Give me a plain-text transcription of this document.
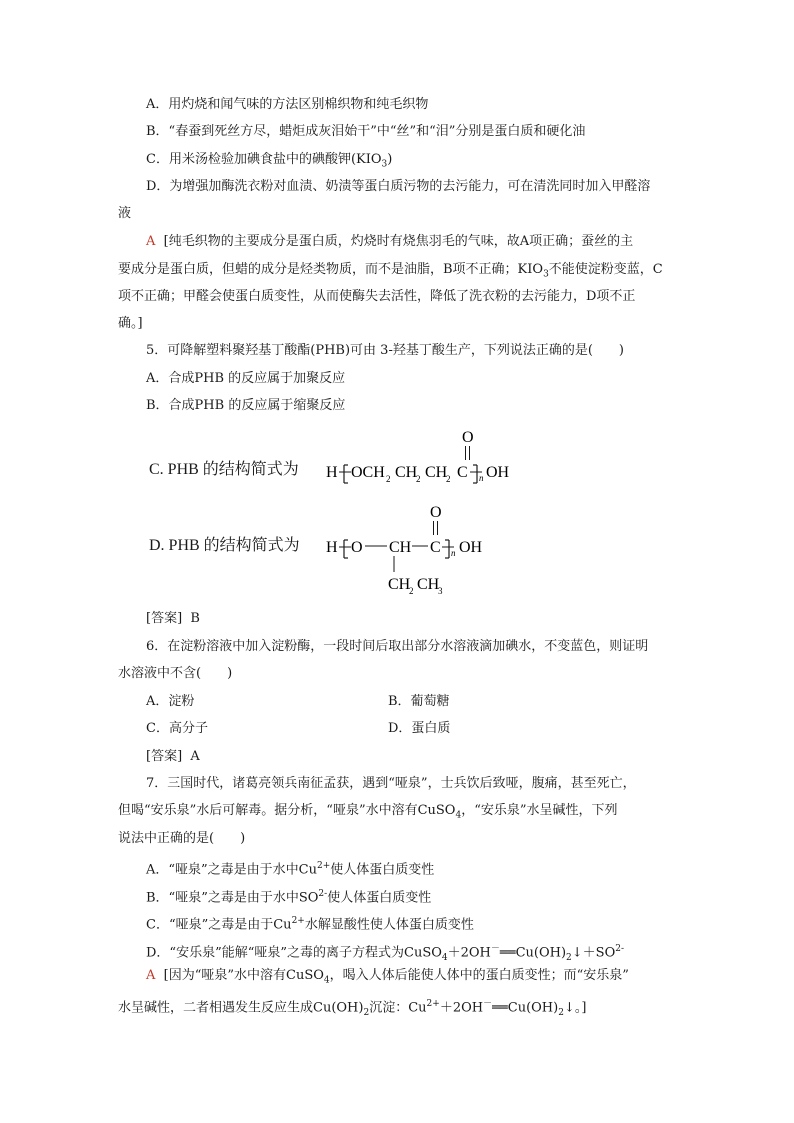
A．用灼烧和闻气味的方法区别棉织物和纯毛织物
B．“春蚕到死丝方尽，蜡炬成灰泪始干”中“丝”和“泪”分别是蛋白质和硬化油
C．用米汤检验加碘食盐中的碘酸钾$(KIO_3)$
D．为增强加酶洗衣粉对血渍、奶渍等蛋白质污物的去污能力，可在清洗同时加入甲醛溶
液
A [纯毛织物的主要成分是蛋白质，灼烧时有烧焦羽毛的气味，故A项正确；蚕丝的主
要成分是蛋白质，但蜡的成分是烃类物质，而不是油脂，B项不正确；$KIO_3$不能使淀粉变蓝，C
项不正确；甲醛会使蛋白质变性，从而使酶失去活性，降低了洗衣粉的去污能力，D项不正
确。]
5．可降解塑料聚羟基丁酸酯(PHB)可由 3-羟基丁酸生产，下列说法正确的是(　　)
A．合成PHB 的反应属于加聚反应
B．合成PHB 的反应属于缩聚反应
C. PHB 的结构简式为
O
H OCH 2 CH
2 CH
2 C n OH
D. PHB 的结构简式为
O
H O CH C n OH
CH
2 CH
3
[答案] B
6．在淀粉溶液中加入淀粉酶，一段时间后取出部分水溶液滴加碘水，不变蓝色，则证明
水溶液中不含(　　)
A．淀粉	B．葡萄糖
C．高分子	D．蛋白质
[答案] A
7．三国时代，诸葛亮领兵南征孟获，遇到“哑泉”，士兵饮后致哑，腹痛，甚至死亡，
但喝“安乐泉”水后可解毒。据分析，“哑泉”水中溶有CuSO$_4$，“安乐泉”水呈碱性，下列
说法中正确的是(　　)
A．“哑泉”之毒是由于水中$Cu^{2+}$使人体蛋白质变性
B．“哑泉”之毒是由于水中$SO^{2-}$使人体蛋白质变性
C．“哑泉”之毒是由于$Cu^{2+}$水解显酸性使人体蛋白质变性
D．“安乐泉”能解“哑泉”之毒的离子方程式为$CuSO_4+2OH^-══Cu(OH)_2↓+SO^{2-}$
A [因为“哑泉”水中溶有CuSO$_4$，喝入人体后能使人体中的蛋白质变性；而“安乐泉”
水呈碱性，二者相遇发生反应生成$Cu(OH)_2$沉淀：$Cu^{2+}+2OH^-══Cu(OH)_2↓$。]
